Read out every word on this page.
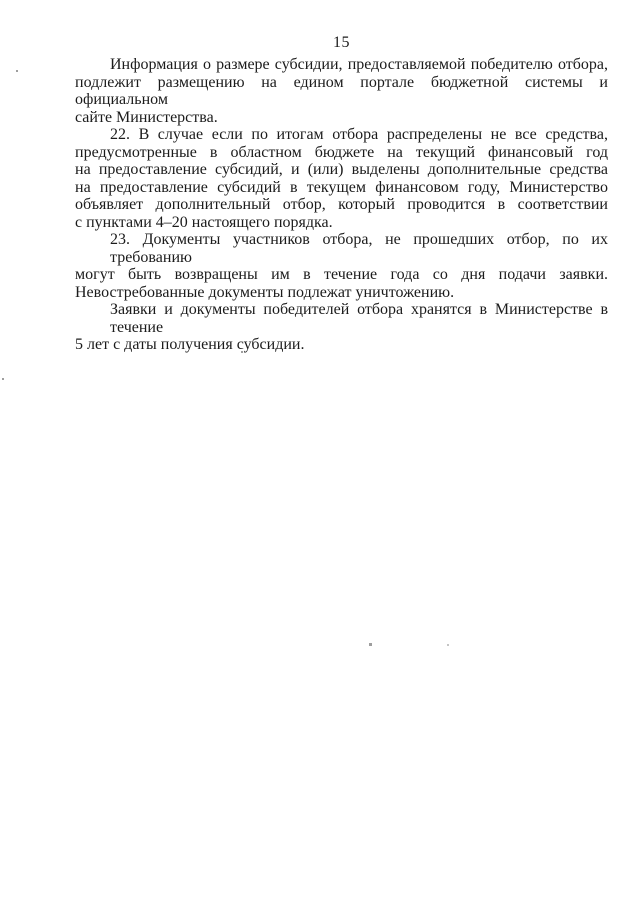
15
Информация о размере субсидии, предоставляемой победителю отбора,
подлежит размещению на едином портале бюджетной системы и официальном
сайте Министерства.
22. В случае если по итогам отбора распределены не все средства,
предусмотренные в областном бюджете на текущий финансовый год
на предоставление субсидий, и (или) выделены дополнительные средства
на предоставление субсидий в текущем финансовом году, Министерство
объявляет дополнительный отбор, который проводится в соответствии
с пунктами 4–20 настоящего порядка.
23. Документы участников отбора, не прошедших отбор, по их требованию
могут быть возвращены им в течение года со дня подачи заявки.
Невостребованные документы подлежат уничтожению.
Заявки и документы победителей отбора хранятся в Министерстве в течение
5 лет с даты получения субсидии.
